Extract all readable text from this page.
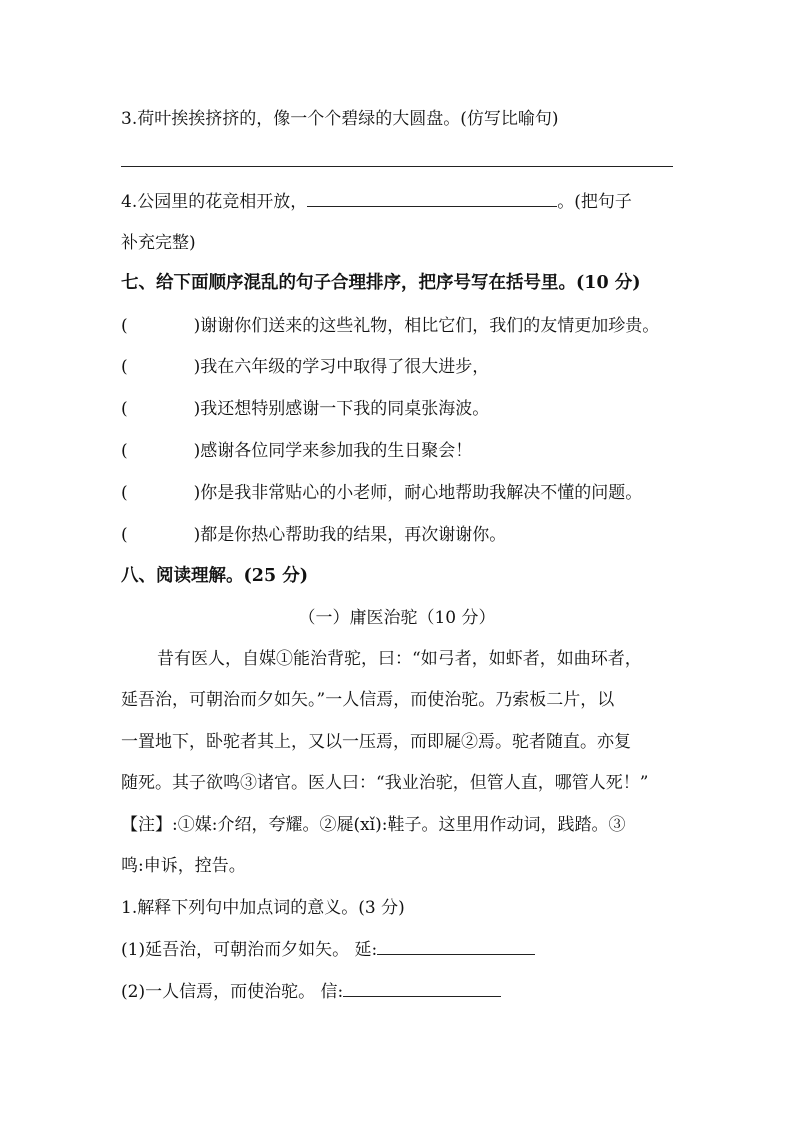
3.荷叶挨挨挤挤的，像一个个碧绿的大圆盘。(仿写比喻句)
4.公园里的花竞相开放，	。(把句子
补充完整)
七、给下面顺序混乱的句子合理排序，把序号写在括号里。(10 分)
(	)谢谢你们送来的这些礼物，相比它们，我们的友情更加珍贵。
(	)我在六年级的学习中取得了很大进步，
(	)我还想特别感谢一下我的同桌张海波。
(	)感谢各位同学来参加我的生日聚会！
(	)你是我非常贴心的小老师，耐心地帮助我解决不懂的问题。
(	)都是你热心帮助我的结果，再次谢谢你。
八、阅读理解。(25 分)
（一）庸医治驼（10 分）
昔有医人，自媒①能治背驼，曰：“如弓者，如虾者，如曲环者，
延吾治，可朝治而夕如矢。”一人信焉，而使治驼。乃索板二片，以
一置地下，卧驼者其上，又以一压焉，而即屣②焉。驼者随直。亦复
随死。其子欲鸣③诸官。医人曰：“我业治驼，但管人直，哪管人死！”
【注】:①媒:介绍，夸耀。②屣(xǐ):鞋子。这里用作动词，践踏。③
鸣:申诉，控告。
1.解释下列句中加点词的意义。(3 分)
(1)延吾治，可朝治而夕如矢。 延:
(2)一人信焉，而使治驼。 信:
